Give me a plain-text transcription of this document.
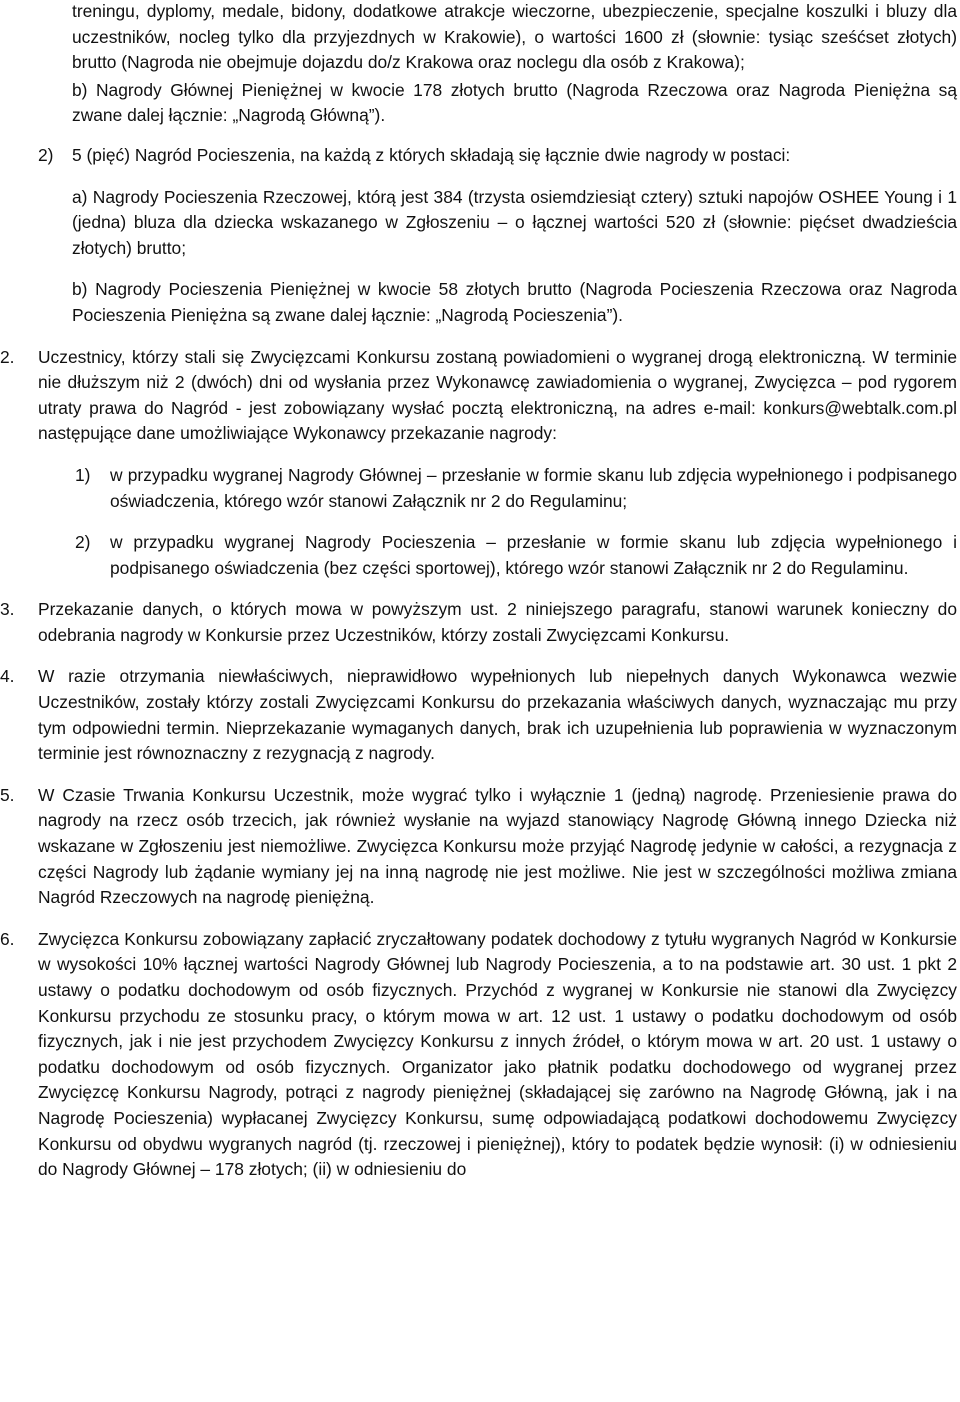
treningu, dyplomy, medale, bidony, dodatkowe atrakcje wieczorne, ubezpieczenie, specjalne koszulki i bluzy dla uczestników, nocleg tylko dla przyjezdnych w Krakowie), o wartości 1600 zł (słownie: tysiąc sześćset złotych) brutto (Nagroda nie obejmuje dojazdu do/z Krakowa oraz noclegu dla osób z Krakowa);

b) Nagrody Głównej Pieniężnej w kwocie 178 złotych brutto (Nagroda Rzeczowa oraz Nagroda Pieniężna są zwane dalej łącznie: „Nagrodą Główną”).

2) 5 (pięć) Nagród Pocieszenia, na każdą z których składają się łącznie dwie nagrody w postaci:

a) Nagrody Pocieszenia Rzeczowej, którą jest 384 (trzysta osiemdziesiąt cztery) sztuki napojów OSHEE Young i 1 (jedna) bluza dla dziecka wskazanego w Zgłoszeniu – o łącznej wartości 520 zł (słownie: pięćset dwadzieścia złotych) brutto;

b) Nagrody Pocieszenia Pieniężnej w kwocie 58 złotych brutto (Nagroda Pocieszenia Rzeczowa oraz Nagroda Pocieszenia Pieniężna są zwane dalej łącznie: „Nagrodą Pocieszenia”).

2. Uczestnicy, którzy stali się Zwycięzcami Konkursu zostaną powiadomieni o wygranej drogą elektroniczną. W terminie nie dłuższym niż 2 (dwóch) dni od wysłania przez Wykonawcę zawiadomienia o wygranej, Zwycięzca – pod rygorem utraty prawa do Nagród - jest zobowiązany wysłać pocztą elektroniczną, na adres e-mail: konkurs@webtalk.com.pl następujące dane umożliwiające Wykonawcy przekazanie nagrody:

1) w przypadku wygranej Nagrody Głównej – przesłanie w formie skanu lub zdjęcia wypełnionego i podpisanego oświadczenia, którego wzór stanowi Załącznik nr 2 do Regulaminu;

2) w przypadku wygranej Nagrody Pocieszenia – przesłanie w formie skanu lub zdjęcia wypełnionego i podpisanego oświadczenia (bez części sportowej), którego wzór stanowi Załącznik nr 2 do Regulaminu.

3. Przekazanie danych, o których mowa w powyższym ust. 2 niniejszego paragrafu, stanowi warunek konieczny do odebrania nagrody w Konkursie przez Uczestników, którzy zostali Zwycięzcami Konkursu.

4. W razie otrzymania niewłaściwych, nieprawidłowo wypełnionych lub niepełnych danych Wykonawca wezwie Uczestników, zostały którzy zostali Zwycięzcami Konkursu do przekazania właściwych danych, wyznaczając mu przy tym odpowiedni termin. Nieprzekazanie wymaganych danych, brak ich uzupełnienia lub poprawienia w wyznaczonym terminie jest równoznaczny z rezygnacją z nagrody.

5. W Czasie Trwania Konkursu Uczestnik, może wygrać tylko i wyłącznie 1 (jedną) nagrodę. Przeniesienie prawa do nagrody na rzecz osób trzecich, jak również wysłanie na wyjazd stanowiący Nagrodę Główną innego Dziecka niż wskazane w Zgłoszeniu jest niemożliwe. Zwycięzca Konkursu może przyjąć Nagrodę jedynie w całości, a rezygnacja z części Nagrody lub żądanie wymiany jej na inną nagrodę nie jest możliwe. Nie jest w szczególności możliwa zmiana Nagród Rzeczowych na nagrodę pieniężną.

6. Zwycięzca Konkursu zobowiązany zapłacić zryczałtowany podatek dochodowy z tytułu wygranych Nagród w Konkursie w wysokości 10% łącznej wartości Nagrody Głównej lub Nagrody Pocieszenia, a to na podstawie art. 30 ust. 1 pkt 2 ustawy o podatku dochodowym od osób fizycznych. Przychód z wygranej w Konkursie nie stanowi dla Zwycięzcy Konkursu przychodu ze stosunku pracy, o którym mowa w art. 12 ust. 1 ustawy o podatku dochodowym od osób fizycznych, jak i nie jest przychodem Zwycięzcy Konkursu z innych źródeł, o którym mowa w art. 20 ust. 1 ustawy o podatku dochodowym od osób fizycznych. Organizator jako płatnik podatku dochodowego od wygranej przez Zwycięzcę Konkursu Nagrody, potrąci z nagrody pieniężnej (składającej się zarówno na Nagrodę Główną, jak i na Nagrodę Pocieszenia) wypłacanej Zwycięzcy Konkursu, sumę odpowiadającą podatkowi dochodowemu Zwycięzcy Konkursu od obydwu wygranych nagród (tj. rzeczowej i pieniężnej), który to podatek będzie wynosił: (i) w odniesieniu do Nagrody Głównej – 178 złotych; (ii) w odniesieniu do
